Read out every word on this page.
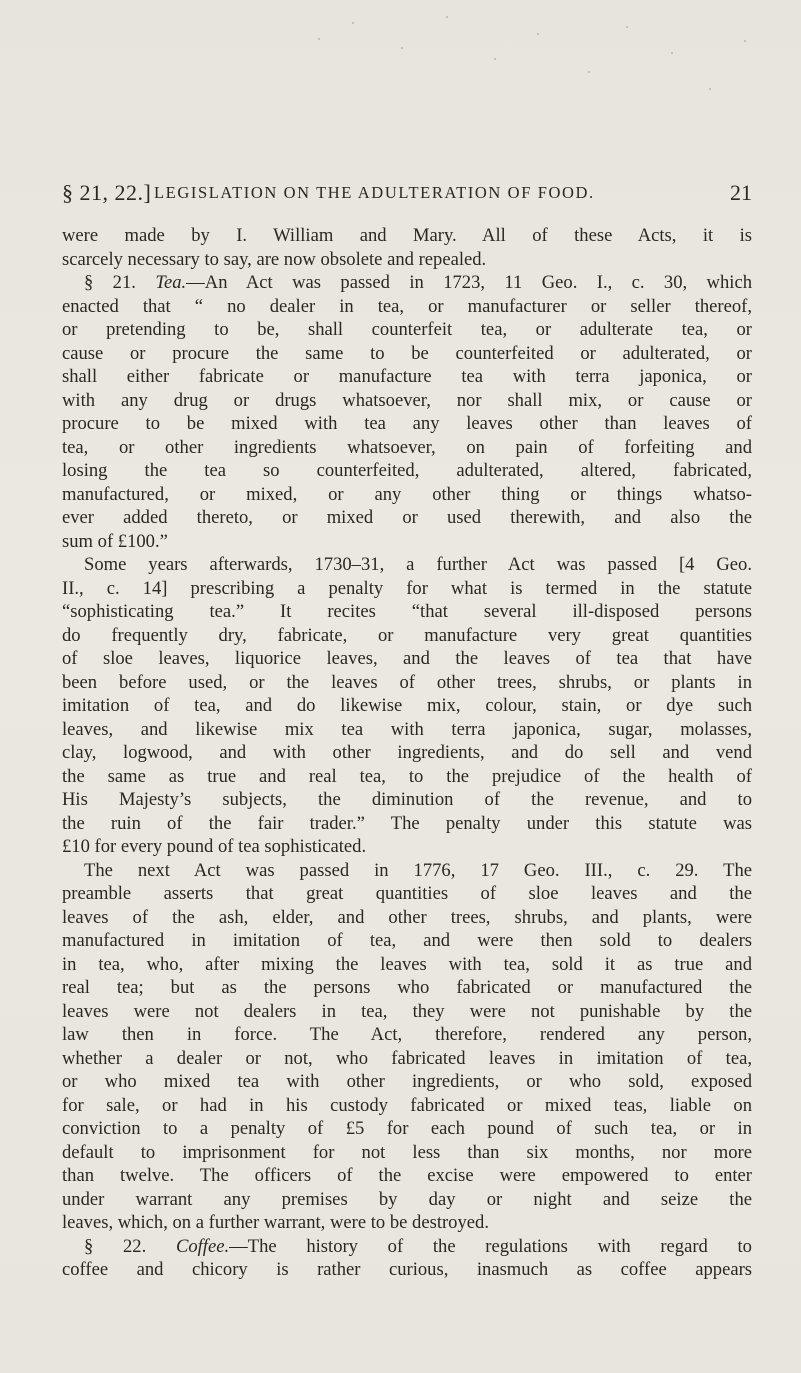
§ 21, 22.] LEGISLATION ON THE ADULTERATION OF FOOD.	21
were made by I. William and Mary. All of these Acts, it is
scarcely necessary to say, are now obsolete and repealed.
§ 21. Tea.—An Act was passed in 1723, 11 Geo. I., c. 30, which
enacted that “ no dealer in tea, or manufacturer or seller thereof,
or pretending to be, shall counterfeit tea, or adulterate tea, or
cause or procure the same to be counterfeited or adulterated, or
shall either fabricate or manufacture tea with terra japonica, or
with any drug or drugs whatsoever, nor shall mix, or cause or
procure to be mixed with tea any leaves other than leaves of
tea, or other ingredients whatsoever, on pain of forfeiting and
losing the tea so counterfeited, adulterated, altered, fabricated,
manufactured, or mixed, or any other thing or things whatso-
ever added thereto, or mixed or used therewith, and also the
sum of £100.”
Some years afterwards, 1730–31, a further Act was passed [4 Geo.
II., c. 14] prescribing a penalty for what is termed in the statute
“sophisticating tea.” It recites “that several ill-disposed persons
do frequently dry, fabricate, or manufacture very great quantities
of sloe leaves, liquorice leaves, and the leaves of tea that have
been before used, or the leaves of other trees, shrubs, or plants in
imitation of tea, and do likewise mix, colour, stain, or dye such
leaves, and likewise mix tea with terra japonica, sugar, molasses,
clay, logwood, and with other ingredients, and do sell and vend
the same as true and real tea, to the prejudice of the health of
His Majesty’s subjects, the diminution of the revenue, and to
the ruin of the fair trader.” The penalty under this statute was
£10 for every pound of tea sophisticated.
The next Act was passed in 1776, 17 Geo. III., c. 29. The
preamble asserts that great quantities of sloe leaves and the
leaves of the ash, elder, and other trees, shrubs, and plants, were
manufactured in imitation of tea, and were then sold to dealers
in tea, who, after mixing the leaves with tea, sold it as true and
real tea; but as the persons who fabricated or manufactured the
leaves were not dealers in tea, they were not punishable by the
law then in force. The Act, therefore, rendered any person,
whether a dealer or not, who fabricated leaves in imitation of tea,
or who mixed tea with other ingredients, or who sold, exposed
for sale, or had in his custody fabricated or mixed teas, liable on
conviction to a penalty of £5 for each pound of such tea, or in
default to imprisonment for not less than six months, nor more
than twelve. The officers of the excise were empowered to enter
under warrant any premises by day or night and seize the
leaves, which, on a further warrant, were to be destroyed.
§ 22. Coffee.—The history of the regulations with regard to
coffee and chicory is rather curious, inasmuch as coffee appears
